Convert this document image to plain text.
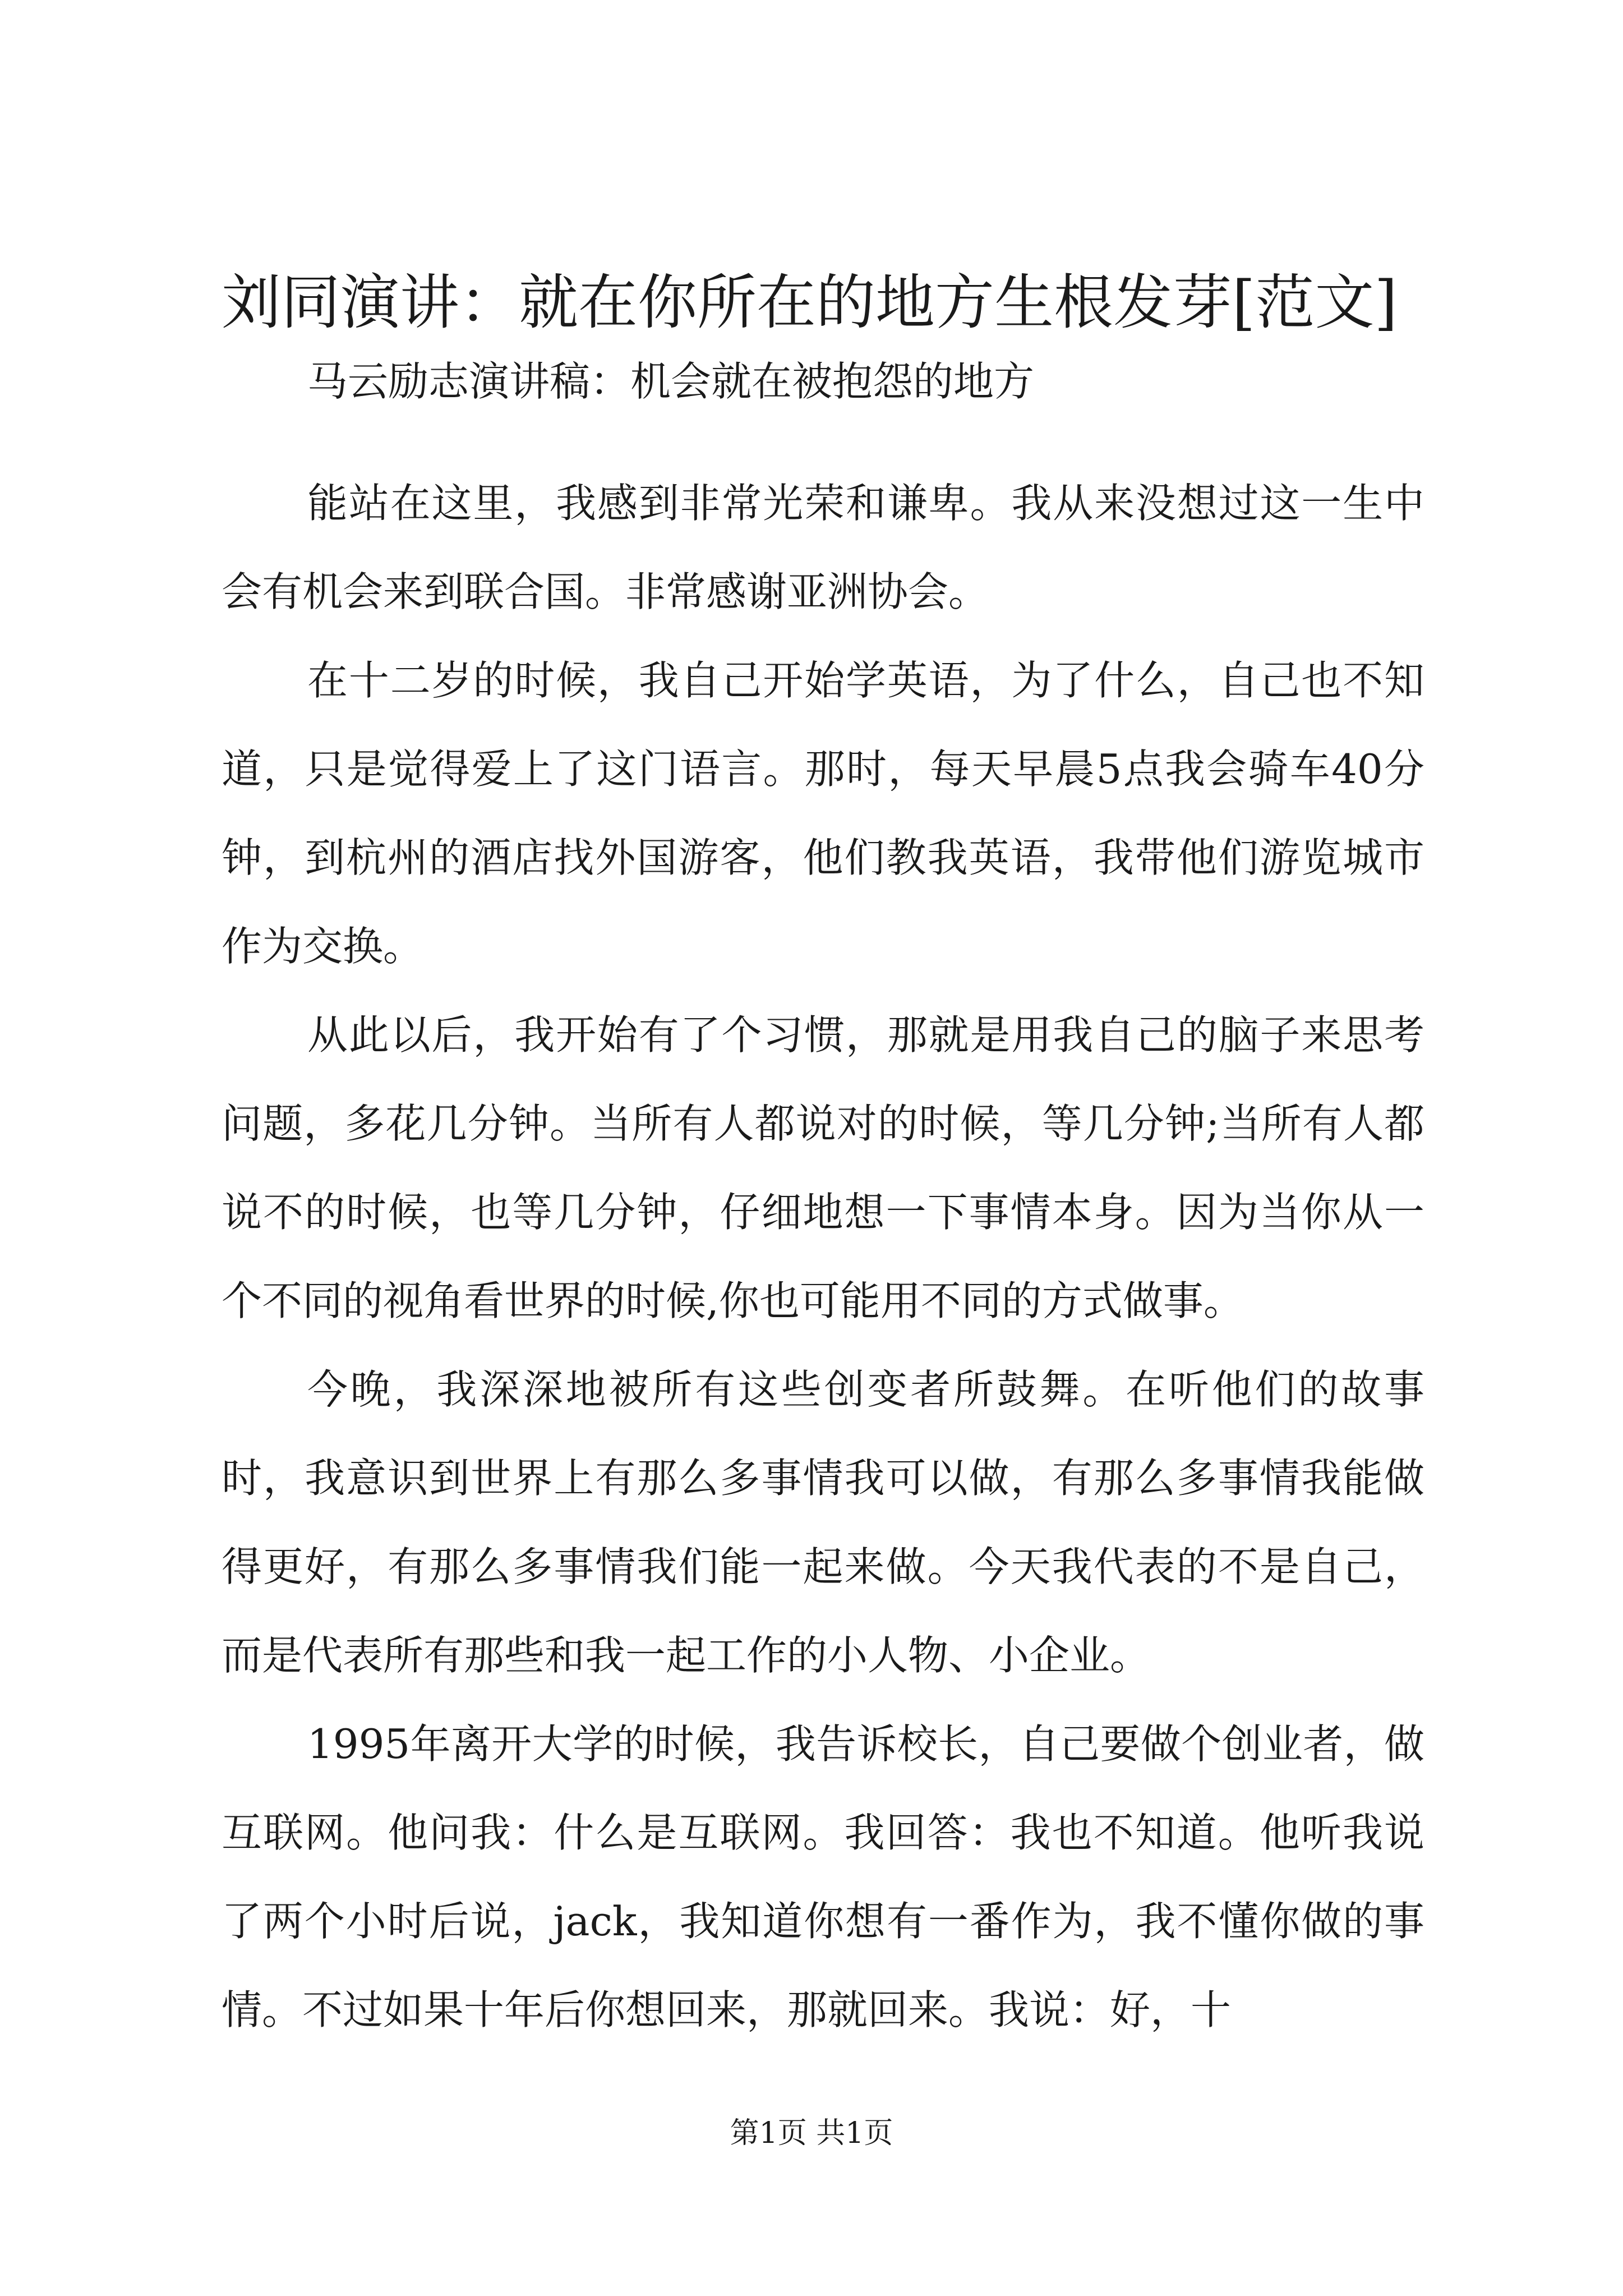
刘同演讲：就在你所在的地方生根发芽[范文]
马云励志演讲稿：机会就在被抱怨的地方

能站在这里，我感到非常光荣和谦卑。我从来没想过这一生中会有机会来到联合国。非常感谢亚洲协会。

在十二岁的时候，我自己开始学英语，为了什么，自己也不知道，只是觉得爱上了这门语言。那时，每天早晨5点我会骑车40分钟，到杭州的酒店找外国游客，他们教我英语，我带他们游览城市作为交换。

从此以后，我开始有了个习惯，那就是用我自己的脑子来思考问题，多花几分钟。当所有人都说对的时候，等几分钟;当所有人都说不的时候，也等几分钟，仔细地想一下事情本身。因为当你从一个不同的视角看世界的时候,你也可能用不同的方式做事。

今晚，我深深地被所有这些创变者所鼓舞。在听他们的故事时，我意识到世界上有那么多事情我可以做，有那么多事情我能做得更好，有那么多事情我们能一起来做。今天我代表的不是自己，而是代表所有那些和我一起工作的小人物、小企业。

1995年离开大学的时候，我告诉校长，自己要做个创业者，做互联网。他问我：什么是互联网。我回答：我也不知道。他听我说了两个小时后说，jack，我知道你想有一番作为，我不懂你做的事情。不过如果十年后你想回来，那就回来。我说：好，十

第1页 共1页
